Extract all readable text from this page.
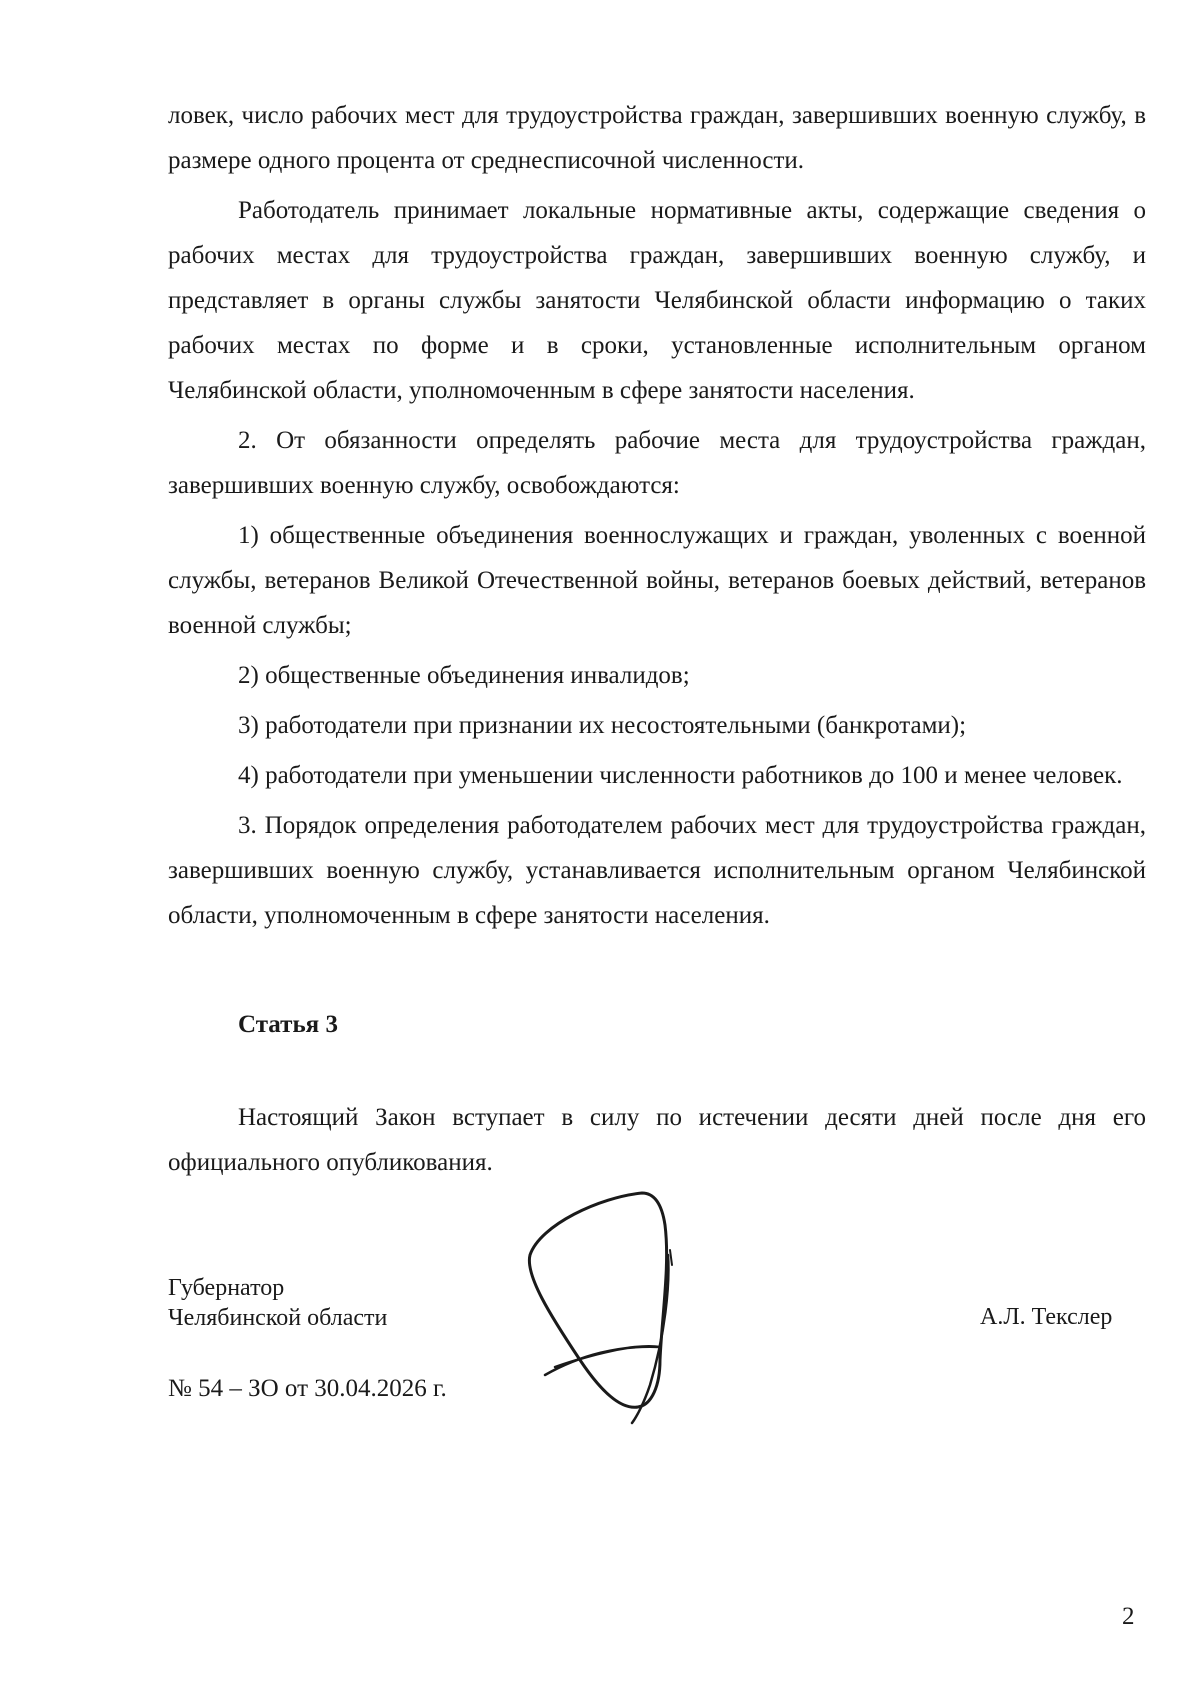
ловек, число рабочих мест для трудоустройства граждан, завершивших военную службу, в размере одного процента от среднесписочной численности.

Работодатель принимает локальные нормативные акты, содержащие сведения о рабочих местах для трудоустройства граждан, завершивших военную службу, и представляет в органы службы занятости Челябинской области информацию о таких рабочих местах по форме и в сроки, установленные исполнительным органом Челябинской области, уполномоченным в сфере занятости населения.

2. От обязанности определять рабочие места для трудоустройства граждан, завершивших военную службу, освобождаются:

1) общественные объединения военнослужащих и граждан, уволенных с военной службы, ветеранов Великой Отечественной войны, ветеранов боевых действий, ветеранов военной службы;

2) общественные объединения инвалидов;

3) работодатели при признании их несостоятельными (банкротами);

4) работодатели при уменьшении численности работников до 100 и менее человек.

3. Порядок определения работодателем рабочих мест для трудоустройства граждан, завершивших военную службу, устанавливается исполнительным органом Челябинской области, уполномоченным в сфере занятости населения.

Статья 3

Настоящий Закон вступает в силу по истечении десяти дней после дня его официального опубликования.

Губернатор
Челябинской области	А.Л. Текслер
№ 54 – ЗО от 30.04.2026 г.
2
